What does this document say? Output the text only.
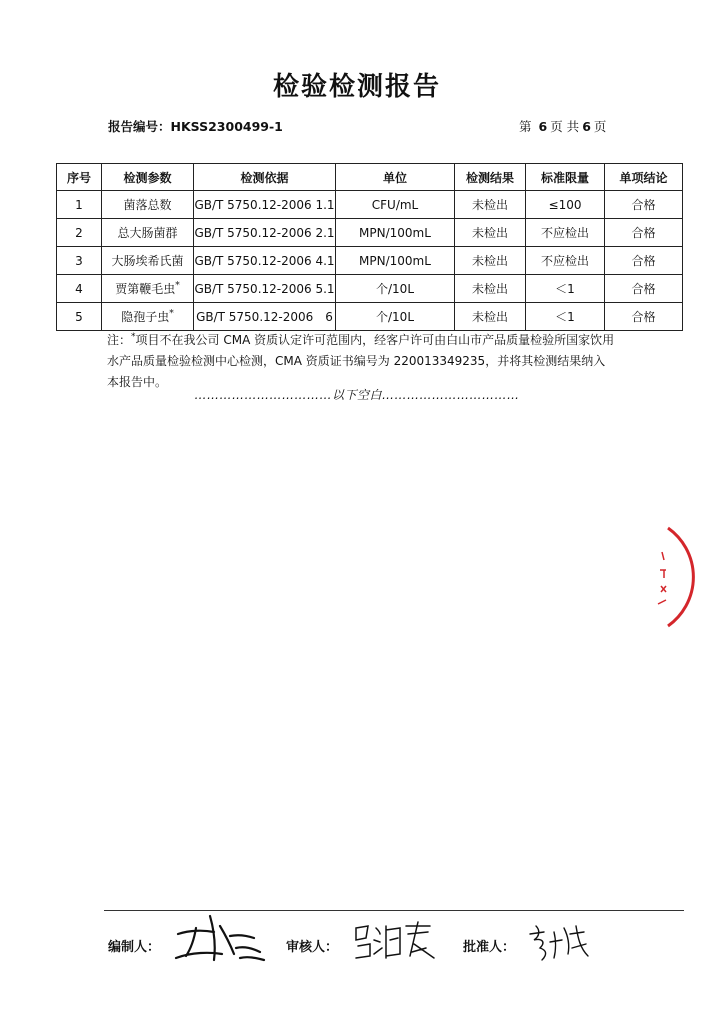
检验检测报告
报告编号：HKSS2300499-1	第 6 页 共 6 页
序号	检测参数	检测依据	单位	检测结果	标准限量	单项结论
1	菌落总数	GB/T 5750.12-2006 1.1	CFU/mL	未检出	≤100	合格
2	总大肠菌群	GB/T 5750.12-2006 2.1	MPN/100mL	未检出	不应检出	合格
3	大肠埃希氏菌	GB/T 5750.12-2006 4.1	MPN/100mL	未检出	不应检出	合格
4	贾第鞭毛虫*	GB/T 5750.12-2006 5.1	个/10L	未检出	＜1	合格
5	隐孢子虫*	GB/T 5750.12-2006　6	个/10L	未检出	＜1	合格
注：*项目不在我公司 CMA 资质认定许可范围内，经客户许可由白山市产品质量检验所国家饮用水产品质量检验检测中心检测，CMA 资质证书编号为 220013349235，并将其检测结果纳入本报告中。
……………………………以下空白……………………………
编制人：	审核人：	批准人：
